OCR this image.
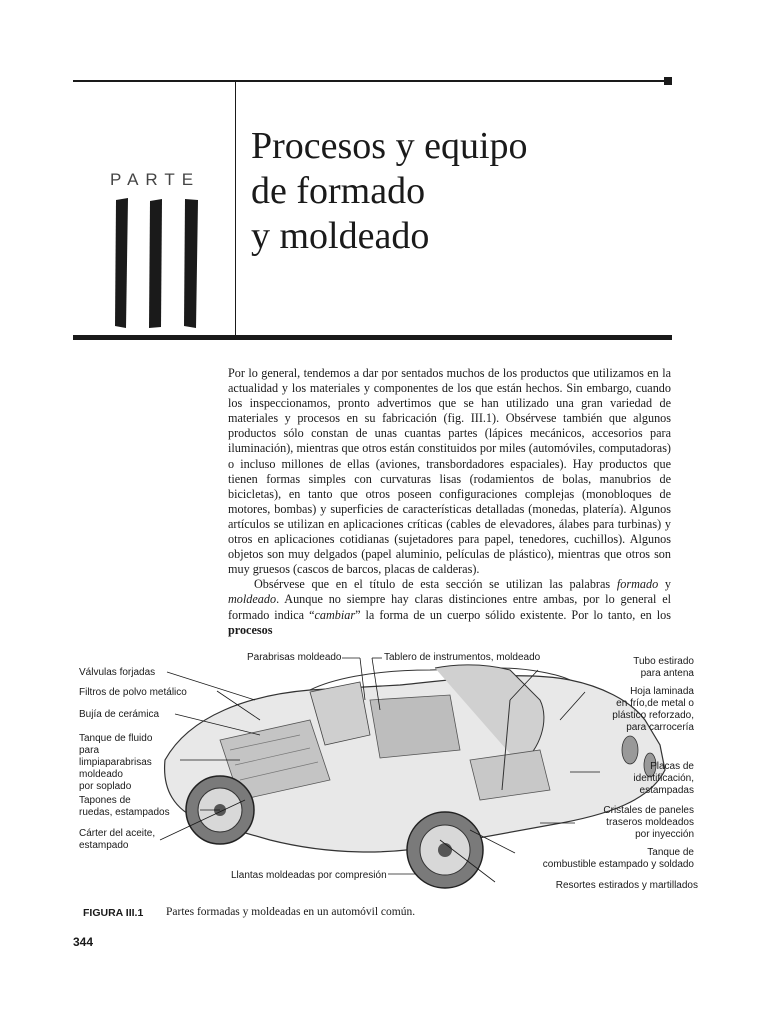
PARTE
Procesos y equipo
de formado
y moldeado

Por lo general, tendemos a dar por sentados muchos de los productos que utilizamos en la actualidad y los materiales y componentes de los que están hechos. Sin embargo, cuando los inspeccionamos, pronto advertimos que se han utilizado una gran variedad de materiales y procesos en su fabricación (fig. III.1). Obsérvese también que algunos productos sólo constan de unas cuantas partes (lápices mecánicos, accesorios para iluminación), mientras que otros están constituidos por miles (automóviles, computadoras) o incluso millones de ellas (aviones, transbordadores espaciales). Hay productos que tienen formas simples con curvaturas lisas (rodamientos de bolas, manubrios de bicicletas), en tanto que otros poseen configuraciones complejas (monobloques de motores, bombas) y superficies de características detalladas (monedas, platería). Algunos artículos se utilizan en aplicaciones críticas (cables de elevadores, álabes para turbinas) y otros en aplicaciones cotidianas (sujetadores para papel, tenedores, cuchillos). Algunos objetos son muy delgados (papel aluminio, películas de plástico), mientras que otros son muy gruesos (cascos de barcos, placas de calderas).

Obsérvese que en el título de esta sección se utilizan las palabras formado y moldeado. Aunque no siempre hay claras distinciones entre ambas, por lo general el formado indica “cambiar” la forma de un cuerpo sólido existente. Por lo tanto, en los procesos

Válvulas forjadas
Filtros de polvo metálico
Bujía de cerámica
Tanque de fluido
para
limpiaparabrisas
moldeado
por soplado
Tapones de
ruedas, estampados
Cárter del aceite,
estampado
Parabrisas moldeado	Tablero de instrumentos, moldeado	Tubo estirado
para antena
Hoja laminada
en frío,de metal o
plástico reforzado,
para carrocería
Placas de
identificación,
estampadas
Cristales de paneles
traseros moldeados
por inyección
Tanque de
combustible estampado y soldado
Resortes estirados y martillados
Llantas moldeadas por compresión
FIGURA III.1 Partes formadas y moldeadas en un automóvil común.
344
